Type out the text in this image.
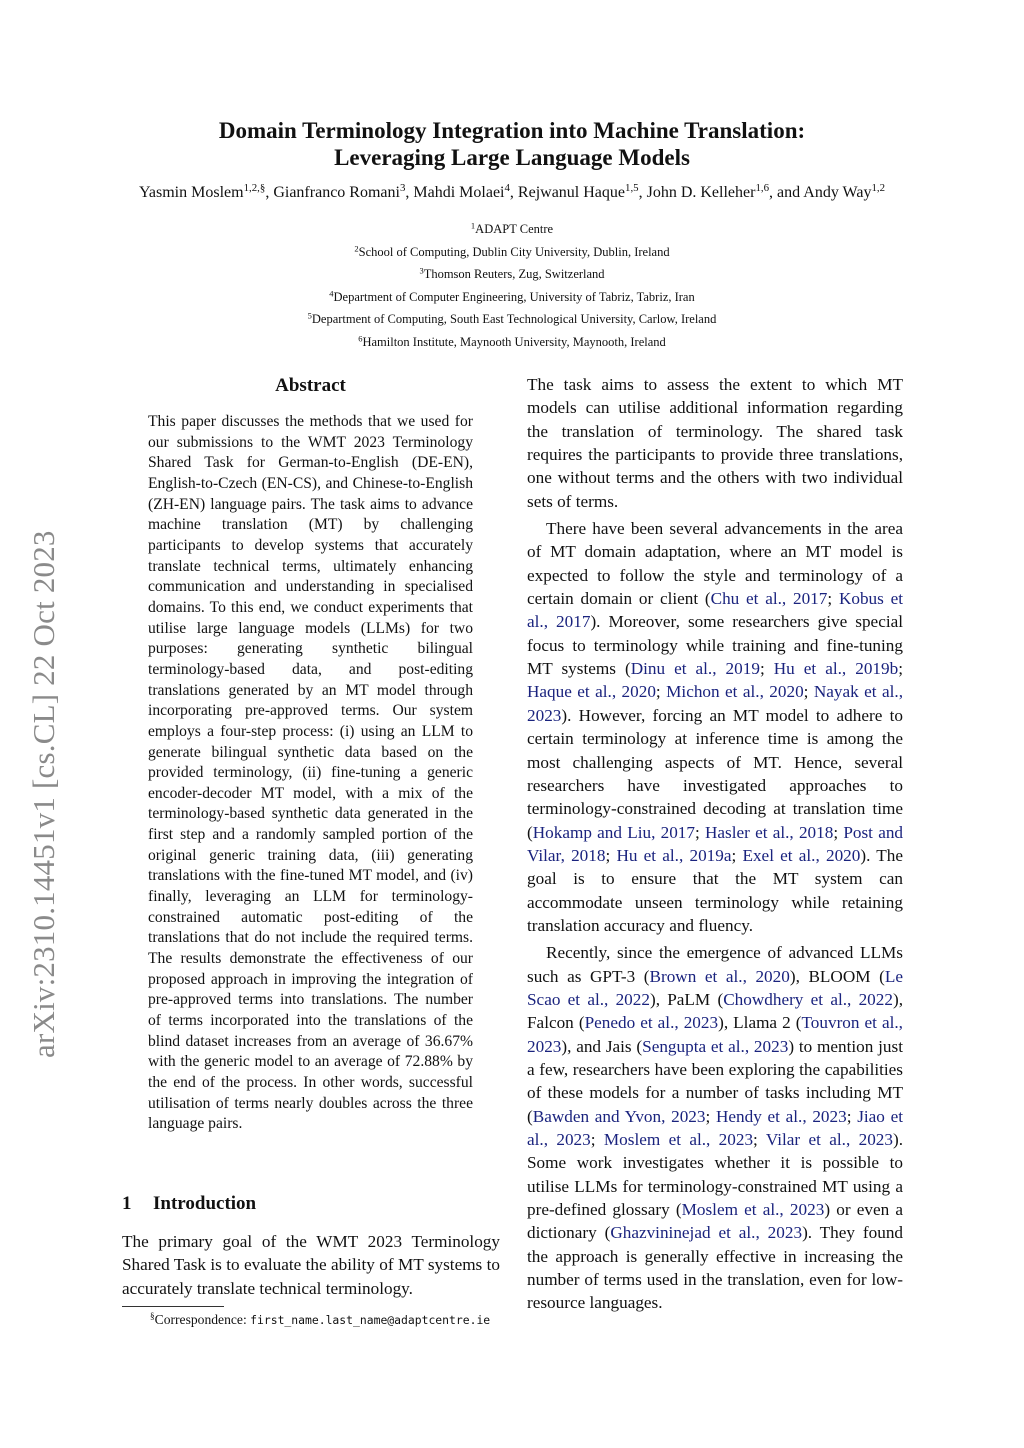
arXiv:2310.14451v1 [cs.CL] 22 Oct 2023
Domain Terminology Integration into Machine Translation:
Leveraging Large Language Models
Yasmin Moslem$^{1,2,\S}$, Gianfranco Romani$^3$, Mahdi Molaei$^4$, Rejwanul Haque$^{1,5}$, John D. Kelleher$^{1,6}$, and Andy Way$^{1,2}$
$^1$ADAPT Centre
$^2$School of Computing, Dublin City University, Dublin, Ireland
$^3$Thomson Reuters, Zug, Switzerland
$^4$Department of Computer Engineering, University of Tabriz, Tabriz, Iran
$^5$Department of Computing, South East Technological University, Carlow, Ireland
$^6$Hamilton Institute, Maynooth University, Maynooth, Ireland
Abstract

This paper discusses the methods that we used for our submissions to the WMT 2023 Terminology Shared Task for German-to-English (DE-EN), English-to-Czech (EN-CS), and Chinese-to-English (ZH-EN) language pairs. The task aims to advance machine translation (MT) by challenging participants to develop systems that accurately translate technical terms, ultimately enhancing communication and understanding in specialised domains. To this end, we conduct experiments that utilise large language models (LLMs) for two purposes: generating synthetic bilingual terminology-based data, and post-editing translations generated by an MT model through incorporating pre-approved terms. Our system employs a four-step process: (i) using an LLM to generate bilingual synthetic data based on the provided terminology, (ii) fine-tuning a generic encoder-decoder MT model, with a mix of the terminology-based synthetic data generated in the first step and a randomly sampled portion of the original generic training data, (iii) generating translations with the fine-tuned MT model, and (iv) finally, leveraging an LLM for terminology-constrained automatic post-editing of the translations that do not include the required terms. The results demonstrate the effectiveness of our proposed approach in improving the integration of pre-approved terms into translations. The number of terms incorporated into the translations of the blind dataset increases from an average of 36.67% with the generic model to an average of 72.88% by the end of the process. In other words, successful utilisation of terms nearly doubles across the three language pairs.

1 Introduction

The primary goal of the WMT 2023 Terminology Shared Task is to evaluate the ability of MT systems to accurately translate technical terminology.

§Correspondence: first_name.last_name@adaptcentre.ie

The task aims to assess the extent to which MT models can utilise additional information regarding the translation of terminology. The shared task requires the participants to provide three translations, one without terms and the others with two individual sets of terms.

There have been several advancements in the area of MT domain adaptation, where an MT model is expected to follow the style and terminology of a certain domain or client (Chu et al., 2017; Kobus et al., 2017). Moreover, some researchers give special focus to terminology while training and fine-tuning MT systems (Dinu et al., 2019; Hu et al., 2019b; Haque et al., 2020; Michon et al., 2020; Nayak et al., 2023). However, forcing an MT model to adhere to certain terminology at inference time is among the most challenging aspects of MT. Hence, several researchers have investigated approaches to terminology-constrained decoding at translation time (Hokamp and Liu, 2017; Hasler et al., 2018; Post and Vilar, 2018; Hu et al., 2019a; Exel et al., 2020). The goal is to ensure that the MT system can accommodate unseen terminology while retaining translation accuracy and fluency.

Recently, since the emergence of advanced LLMs such as GPT-3 (Brown et al., 2020), BLOOM (Le Scao et al., 2022), PaLM (Chowdhery et al., 2022), Falcon (Penedo et al., 2023), Llama 2 (Touvron et al., 2023), and Jais (Sengupta et al., 2023) to mention just a few, researchers have been exploring the capabilities of these models for a number of tasks including MT (Bawden and Yvon, 2023; Hendy et al., 2023; Jiao et al., 2023; Moslem et al., 2023; Vilar et al., 2023). Some work investigates whether it is possible to utilise LLMs for terminology-constrained MT using a pre-defined glossary (Moslem et al., 2023) or even a dictionary (Ghazvininejad et al., 2023). They found the approach is generally effective in increasing the number of terms used in the translation, even for low-resource languages.
